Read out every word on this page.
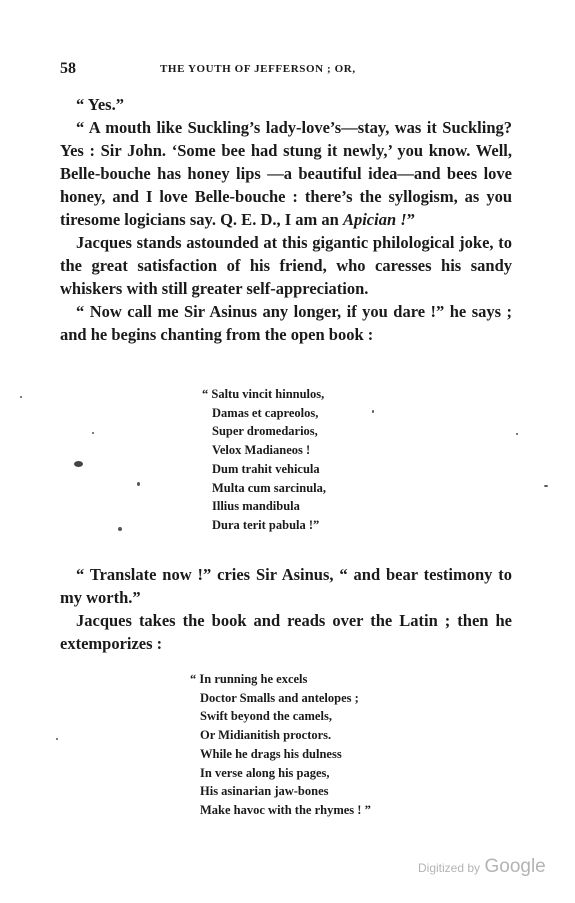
58	THE YOUTH OF JEFFERSON ; OR,

“ Yes.”

“ A mouth like Suckling’s lady-love’s—stay, was it Suckling? Yes : Sir John. ‘Some bee had stung it newly,’ you know. Well, Belle-bouche has honey lips —a beautiful idea—and bees love honey, and I love Belle-bouche : there’s the syllogism, as you tiresome logicians say. Q. E. D., I am an Apician !”

Jacques stands astounded at this gigantic philological joke, to the great satisfaction of his friend, who caresses his sandy whiskers with still greater self-appreciation.

“ Now call me Sir Asinus any longer, if you dare !” he says ; and he begins chanting from the open book :

“ Saltu vincit hinnulos,
Damas et capreolos,
Super dromedarios,
Velox Madianeos !
Dum trahit vehicula
Multa cum sarcinula,
Illius mandibula
Dura terit pabula !”

“ Translate now !” cries Sir Asinus, “ and bear testimony to my worth.”

Jacques takes the book and reads over the Latin ; then he extemporizes :

“ In running he excels
Doctor Smalls and antelopes ;
Swift beyond the camels,
Or Midianitish proctors.
While he drags his dulness
In verse along his pages,
His asinarian jaw-bones
Make havoc with the rhymes ! ”
Digitized by Google
